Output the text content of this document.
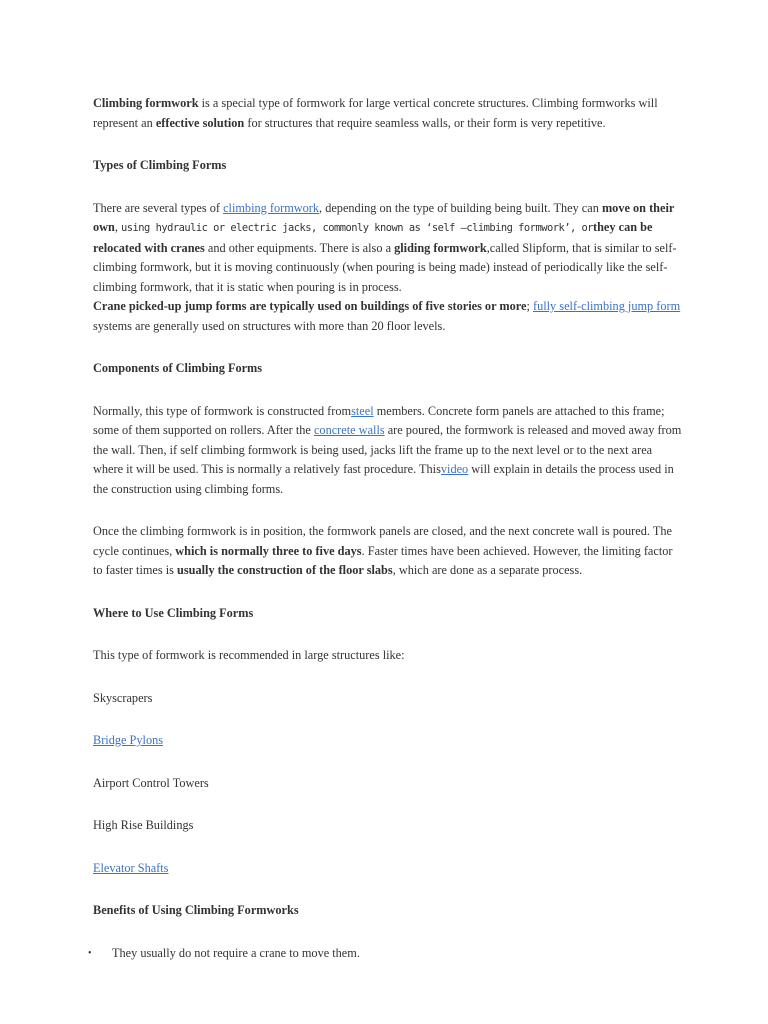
Climbing formwork is a special type of formwork for large vertical concrete structures. Climbing formworks will represent an effective solution for structures that require seamless walls, or their form is very repetitive.

Types of Climbing Forms

There are several types of climbing formwork, depending on the type of building being built. They can move on their own, using hydraulic or electric jacks, commonly known as ‘self –climbing formwork’, orthey can be relocated with cranes and other equipments. There is also a gliding formwork,called Slipform, that is similar to self-climbing formwork, but it is moving continuously (when pouring is being made) instead of periodically like the self-climbing formwork, that it is static when pouring is in process.

Crane picked-up jump forms are typically used on buildings of five stories or more; fully self-climbing jump form systems are generally used on structures with more than 20 floor levels.

Components of Climbing Forms

Normally, this type of formwork is constructed fromsteel members. Concrete form panels are attached to this frame; some of them supported on rollers. After the concrete walls are poured, the formwork is released and moved away from the wall. Then, if self climbing formwork is being used, jacks lift the frame up to the next level or to the next area where it will be used. This is normally a relatively fast procedure. Thisvideo will explain in details the process used in the construction using climbing forms.

Once the climbing formwork is in position, the formwork panels are closed, and the next concrete wall is poured. The cycle continues, which is normally three to five days. Faster times have been achieved. However, the limiting factor to faster times is usually the construction of the floor slabs, which are done as a separate process.

Where to Use Climbing Forms

This type of formwork is recommended in large structures like:

Skyscrapers

Bridge Pylons

Airport Control Towers

High Rise Buildings

Elevator Shafts

Benefits of Using Climbing Formworks
• They usually do not require a crane to move them.
